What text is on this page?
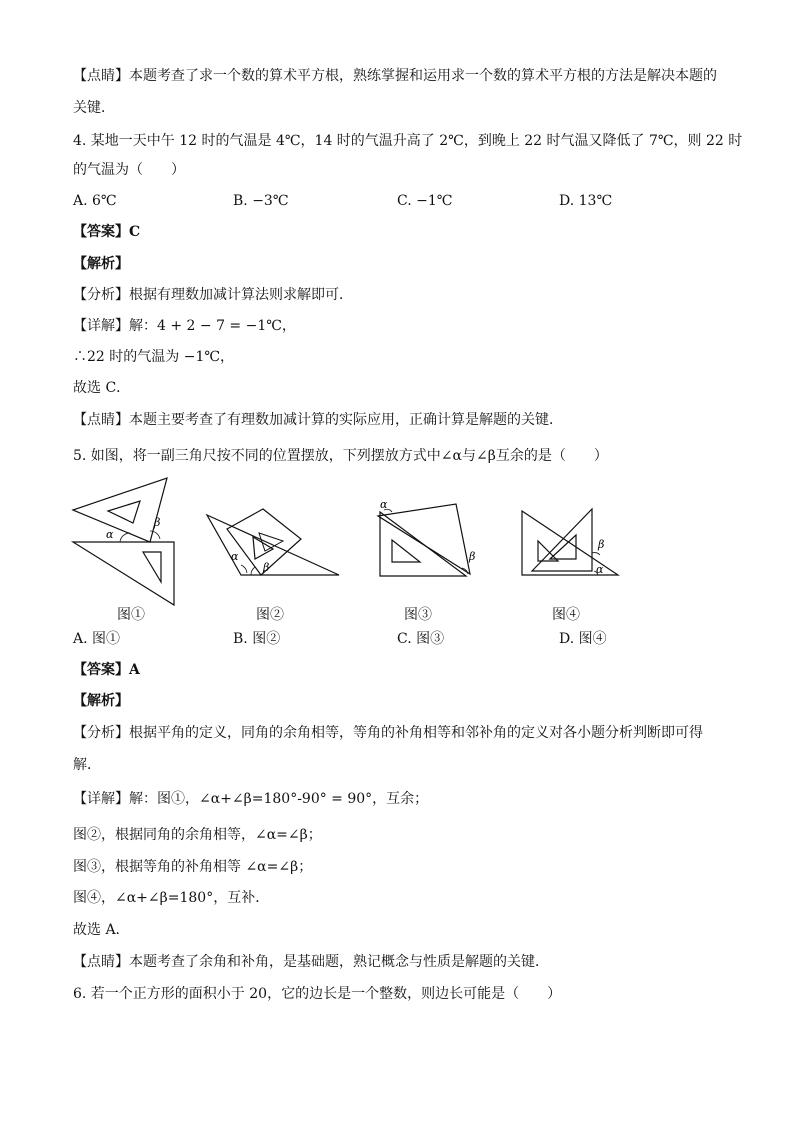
【点睛】本题考查了求一个数的算术平方根，熟练掌握和运用求一个数的算术平方根的方法是解决本题的
关键．
4. 某地一天中午 12 时的气温是 4℃，14 时的气温升高了 2℃，到晚上 22 时气温又降低了 7℃，则 22 时
的气温为（　　）
A. 6℃	B. −3℃	C. −1℃	D. 13℃
【答案】C
【解析】
【分析】根据有理数加减计算法则求解即可．
【详解】解：4 + 2 − 7 = −1℃，
∴22 时的气温为 −1℃，
故选 C．
【点睛】本题主要考查了有理数加减计算的实际应用，正确计算是解题的关键．
5. 如图，将一副三角尺按不同的位置摆放，下列摆放方式中∠α与∠β互余的是（　　）
α
β
图①
α
β
图②
α
β
图③
β
α
图④
A. 图①	B. 图②	C. 图③	D. 图④
【答案】A
【解析】
【分析】根据平角的定义，同角的余角相等，等角的补角相等和邻补角的定义对各小题分析判断即可得
解．
【详解】解：图①，∠α+∠β=180°-90° = 90°，互余；
图②，根据同角的余角相等，∠α=∠β；
图③，根据等角的补角相等 ∠α=∠β；
图④，∠α+∠β=180°，互补．
故选 A．
【点睛】本题考查了余角和补角，是基础题，熟记概念与性质是解题的关键．
6. 若一个正方形的面积小于 20，它的边长是一个整数，则边长可能是（　　）
